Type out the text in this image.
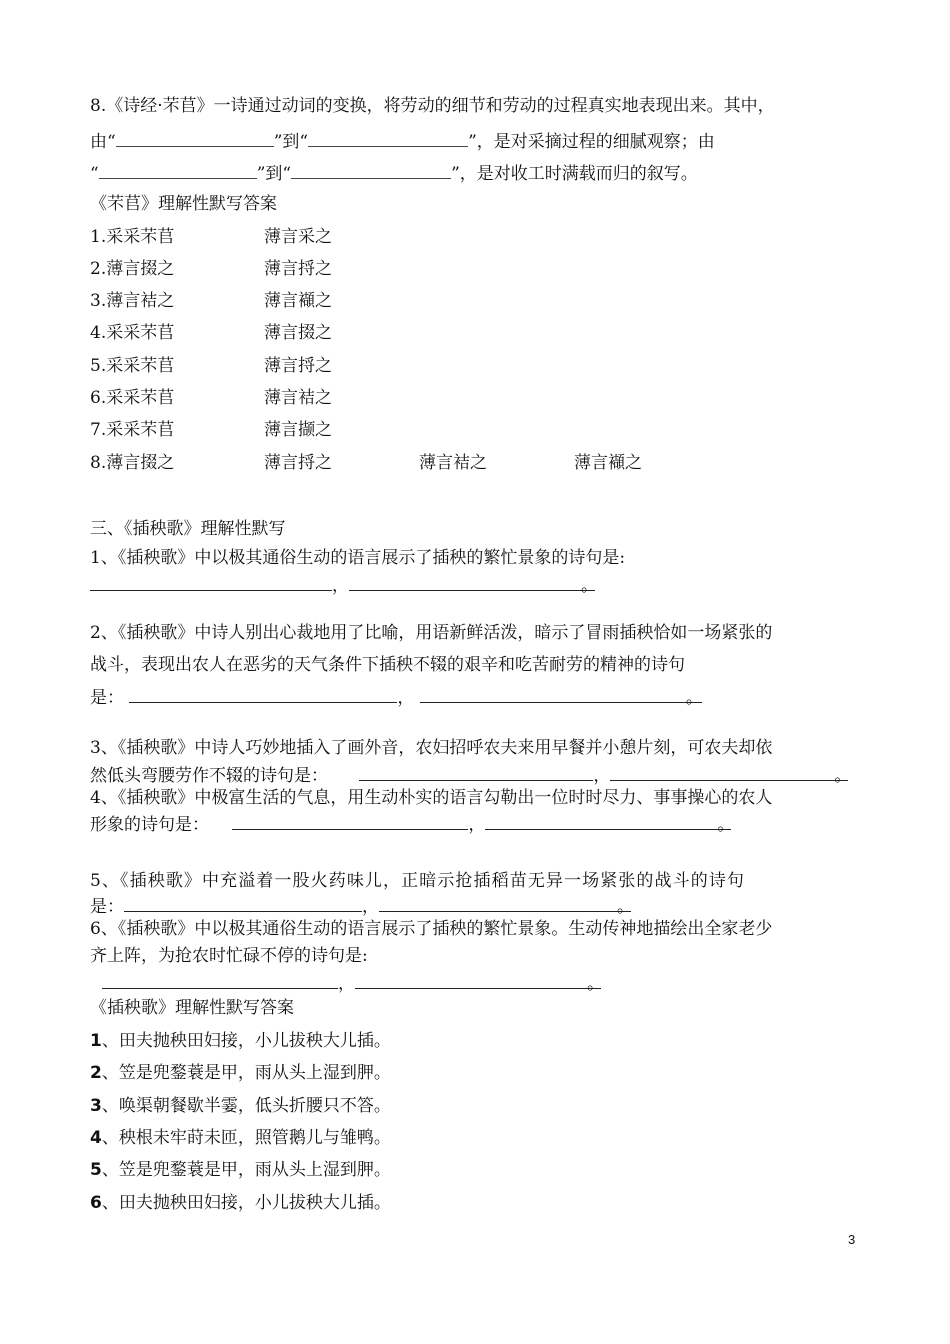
8.《诗经·芣苢》一诗通过动词的变换，将劳动的细节和劳动的过程真实地表现出来。其中，
由“	”到“	”，是对采摘过程的细腻观察；由
“	”到“	”，是对收工时满载而归的叙写。
《芣苢》理解性默写答案
1.采采芣苢	薄言采之
2.薄言掇之	薄言捋之
3.薄言袺之	薄言襭之
4.采采芣苢	薄言掇之
5.采采芣苢	薄言捋之
6.采采芣苢	薄言袺之
7.采采芣苢	薄言撷之
8.薄言掇之	薄言捋之	薄言袺之	薄言襭之
三、《插秧歌》理解性默写
1、《插秧歌》中以极其通俗生动的语言展示了插秧的繁忙景象的诗句是:
，	。
2、《插秧歌》中诗人别出心裁地用了比喻，用语新鲜活泼，暗示了冒雨插秧恰如一场紧张的
战斗，表现出农人在恶劣的天气条件下插秧不辍的艰辛和吃苦耐劳的精神的诗句
是：	，	。
3、《插秧歌》中诗人巧妙地插入了画外音，农妇招呼农夫来用早餐并小憩片刻，可农夫却依
然低头弯腰劳作不辍的诗句是：	，	。
4、《插秧歌》中极富生活的气息，用生动朴实的语言勾勒出一位时时尽力、事事操心的农人
形象的诗句是：	，	。
5、《插秧歌》中充溢着一股火药味儿，正暗示抢插稻苗无异一场紧张的战斗的诗句
是：	，	。
6、《插秧歌》中以极其通俗生动的语言展示了插秧的繁忙景象。生动传神地描绘出全家老少
齐上阵，为抢农时忙碌不停的诗句是:
，	。
《插秧歌》理解性默写答案
1、田夫抛秧田妇接，小儿拔秧大儿插。
2、笠是兜鍪蓑是甲，雨从头上湿到胛。
3、唤渠朝餐歇半霎，低头折腰只不答。
4、秧根未牢莳未匝，照管鹅儿与雏鸭。
5、笠是兜鍪蓑是甲，雨从头上湿到胛。
6、田夫抛秧田妇接，小儿拔秧大儿插。
3
